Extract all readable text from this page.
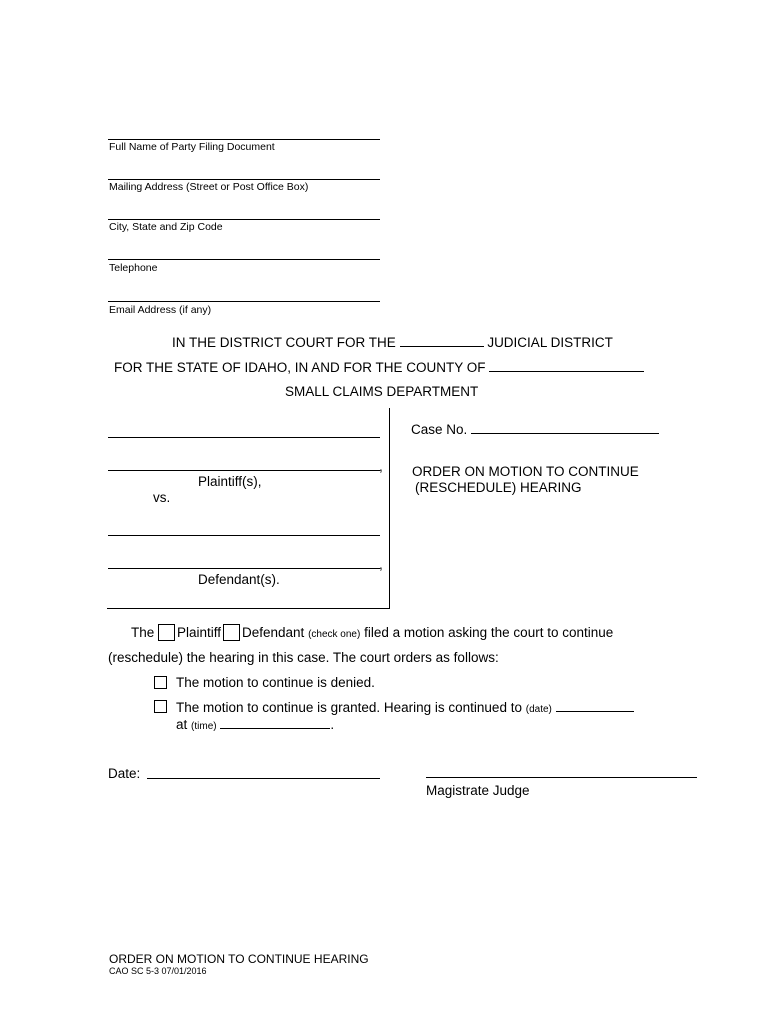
Full Name of Party Filing Document
Mailing Address (Street or Post Office Box)
City, State and Zip Code
Telephone
Email Address (if any)
IN THE DISTRICT COURT FOR THE	JUDICIAL DISTRICT
FOR THE STATE OF IDAHO, IN AND FOR THE COUNTY OF
SMALL CLAIMS DEPARTMENT
,
Plaintiff(s),
vs.
,
Defendant(s).
Case No.
ORDER ON MOTION TO CONTINUE
(RESCHEDULE) HEARING
The Plaintiff Defendant (check one) filed a motion asking the court to continue
(reschedule) the hearing in this case. The court orders as follows:
The motion to continue is denied.
The motion to continue is granted. Hearing is continued to (date)
at (time)	.
Date:
Magistrate Judge
ORDER ON MOTION TO CONTINUE HEARING
CAO SC 5-3 07/01/2016
